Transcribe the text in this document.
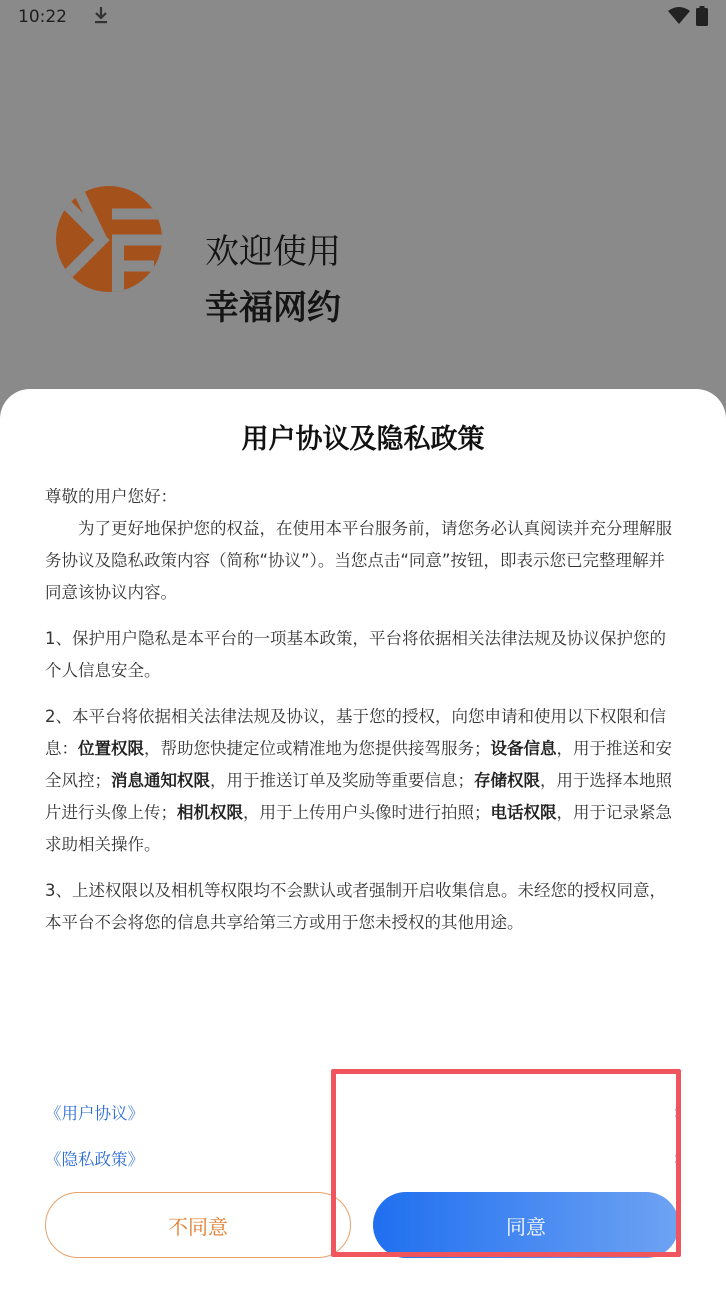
10:22
欢迎使用
幸福网约
用户协议及隐私政策

尊敬的用户您好：

为了更好地保护您的权益，在使用本平台服务前，请您务必认真阅读并充分理解服务协议及隐私政策内容（简称“协议”）。当您点击“同意”按钮，即表示您已完整理解并同意该协议内容。

1、保护用户隐私是本平台的一项基本政策，平台将依据相关法律法规及协议保护您的个人信息安全。

2、本平台将依据相关法律法规及协议，基于您的授权，向您申请和使用以下权限和信息：位置权限，帮助您快捷定位或精准地为您提供接驾服务；设备信息，用于推送和安全风控；消息通知权限，用于推送订单及奖励等重要信息；存储权限，用于选择本地照片进行头像上传；相机权限，用于上传用户头像时进行拍照；电话权限，用于记录紧急求助相关操作。

3、上述权限以及相机等权限均不会默认或者强制开启收集信息。未经您的授权同意，本平台不会将您的信息共享给第三方或用于您未授权的其他用途。

《用户协议》	›
《隐私政策》	›
不同意	同意
